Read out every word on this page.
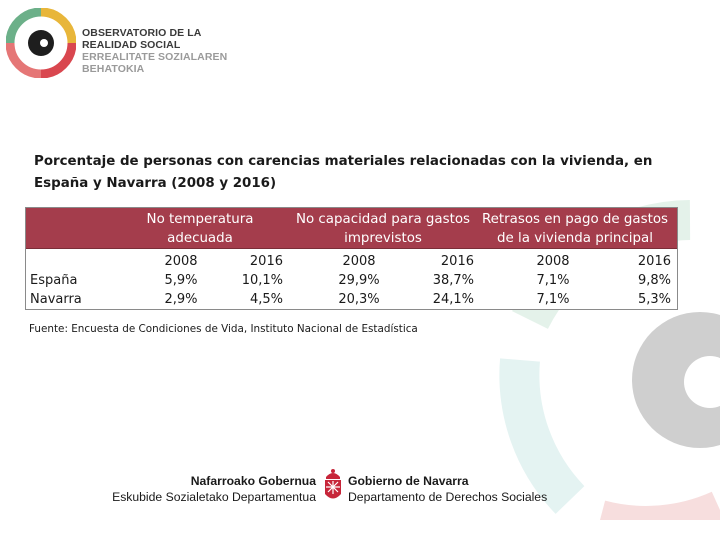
OBSERVATORIO DE LA
REALIDAD SOCIAL
ERREALITATE SOZIALAREN
BEHATOKIA
Porcentaje de personas con carencias materiales relacionadas con la vivienda, en España y Navarra (2008 y 2016)
No temperatura adecuada
No capacidad para gastos imprevistos
Retrasos en pago de gastos de la vivienda principal
2008	2016	2008	2016	2008	2016
España	5,9%	10,1%	29,9%	38,7%	7,1%	9,8%
Navarra	2,9%	4,5%	20,3%	24,1%	7,1%	5,3%
Fuente: Encuesta de Condiciones de Vida, Instituto Nacional de Estadística
Nafarroako Gobernua
Eskubide Sozialetako Departamentua
Gobierno de Navarra
Departamento de Derechos Sociales
